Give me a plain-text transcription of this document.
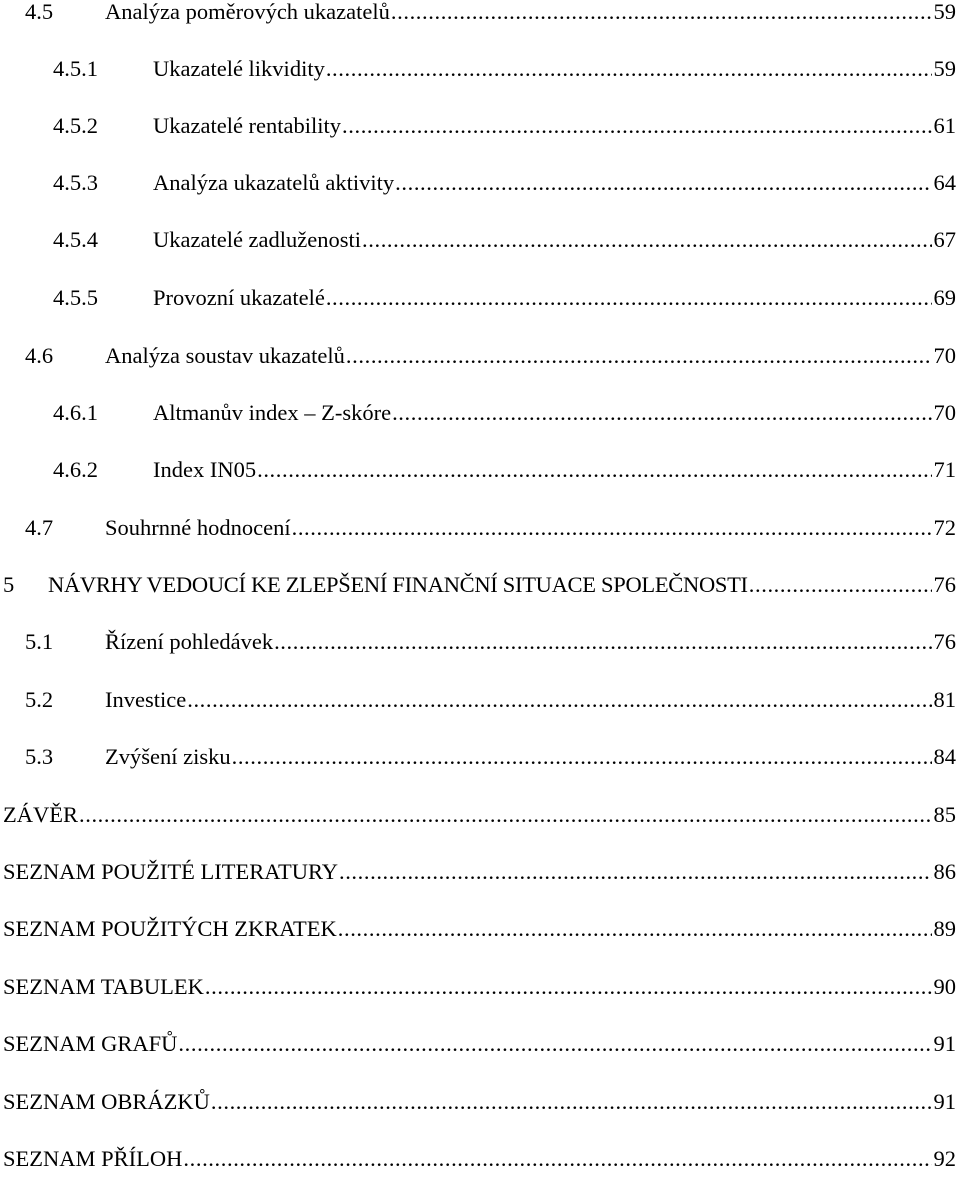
4.5	Analýza poměrových ukazatelů .....	59
4.5.1	Ukazatelé likvidity .....	59
4.5.2	Ukazatelé rentability .....	61
4.5.3	Analýza ukazatelů aktivity .....	64
4.5.4	Ukazatelé zadluženosti .....	67
4.5.5	Provozní ukazatelé .....	69
4.6	Analýza soustav ukazatelů .....	70
4.6.1	Altmanův index – Z-skóre .....	70
4.6.2	Index IN05 .....	71
4.7	Souhrnné hodnocení .....	72
5	NÁVRHY VEDOUCÍ KE ZLEPŠENÍ FINANČNÍ SITUACE SPOLEČNOSTI .....	76
5.1	Řízení pohledávek .....	76
5.2	Investice .....	81
5.3	Zvýšení zisku .....	84
ZÁVĚR .....	85
SEZNAM POUŽITÉ LITERATURY .....	86
SEZNAM POUŽITÝCH ZKRATEK .....	89
SEZNAM TABULEK .....	90
SEZNAM GRAFŮ .....	91
SEZNAM OBRÁZKŮ .....	91
SEZNAM PŘÍLOH .....	92
